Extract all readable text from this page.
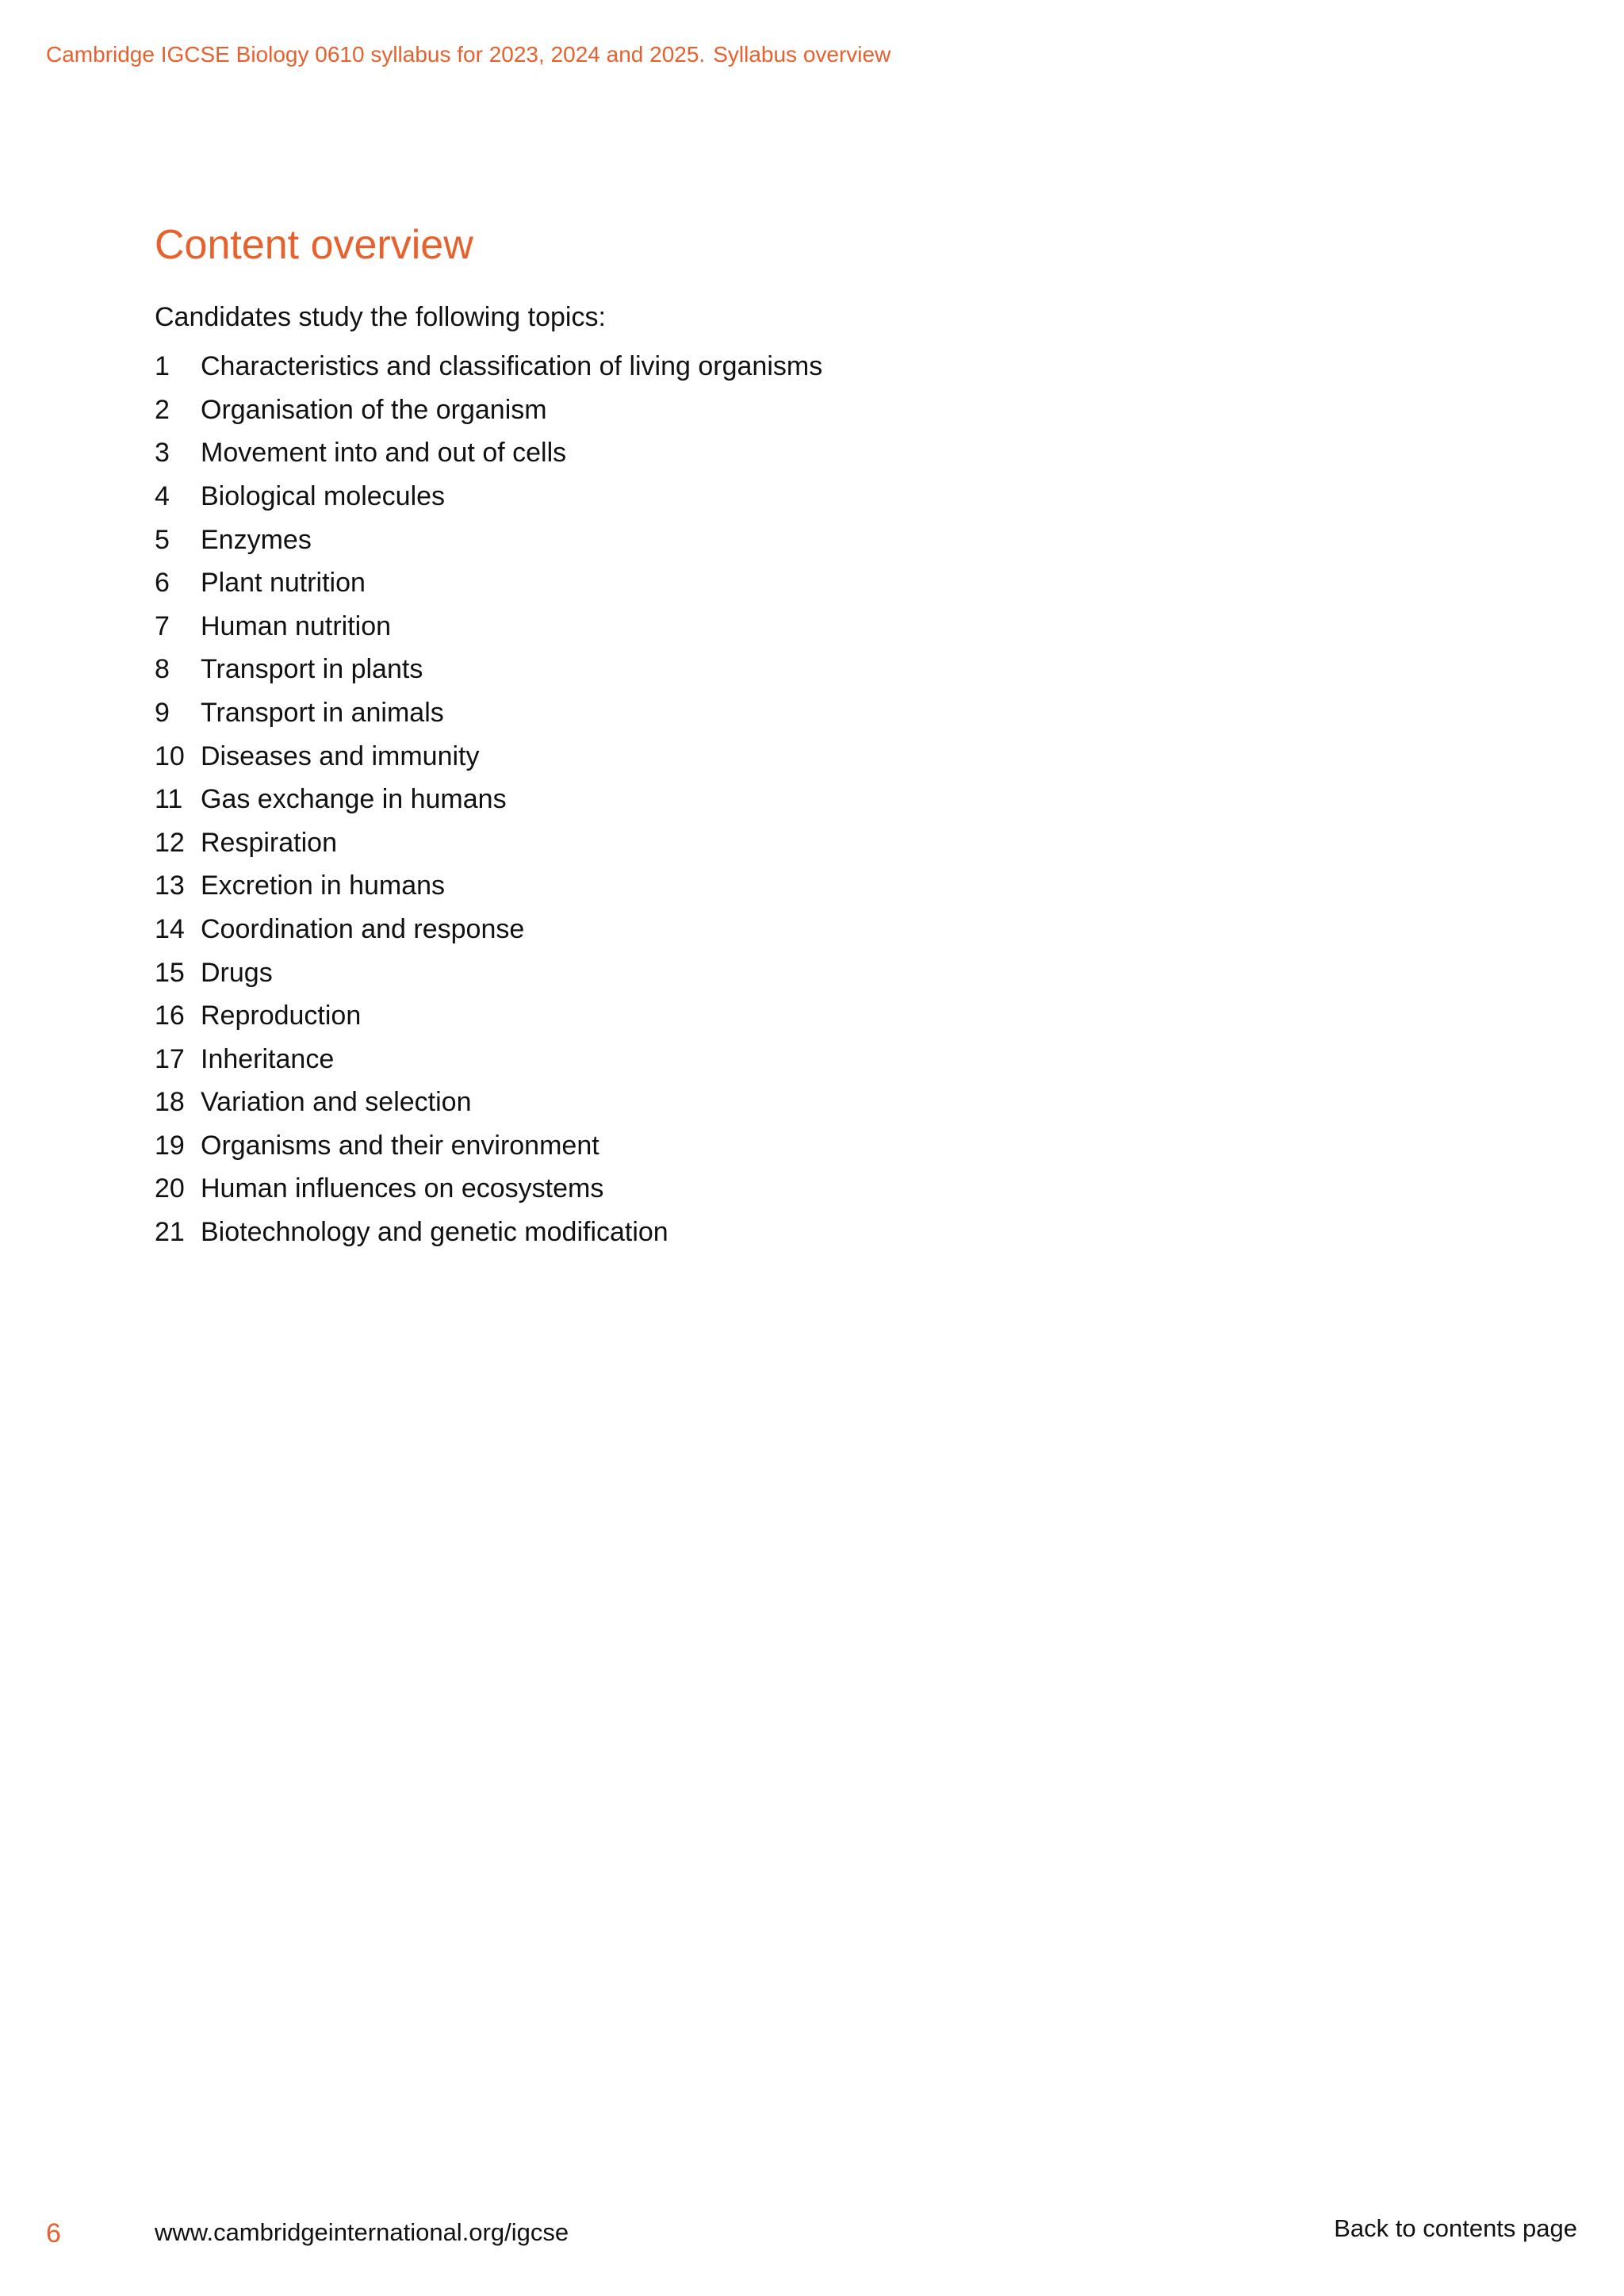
Cambridge IGCSE Biology 0610 syllabus for 2023, 2024 and 2025. Syllabus overview
Content overview

Candidates study the following topics:

1	Characteristics and classification of living organisms
2	Organisation of the organism
3	Movement into and out of cells
4	Biological molecules
5	Enzymes
6	Plant nutrition
7	Human nutrition
8	Transport in plants
9	Transport in animals
10 Diseases and immunity
11 Gas exchange in humans
12 Respiration
13 Excretion in humans
14 Coordination and response
15 Drugs
16 Reproduction
17 Inheritance
18 Variation and selection
19 Organisms and their environment
20 Human influences on ecosystems
21 Biotechnology and genetic modification
6	www.cambridgeinternational.org/igcse	Back to contents page
